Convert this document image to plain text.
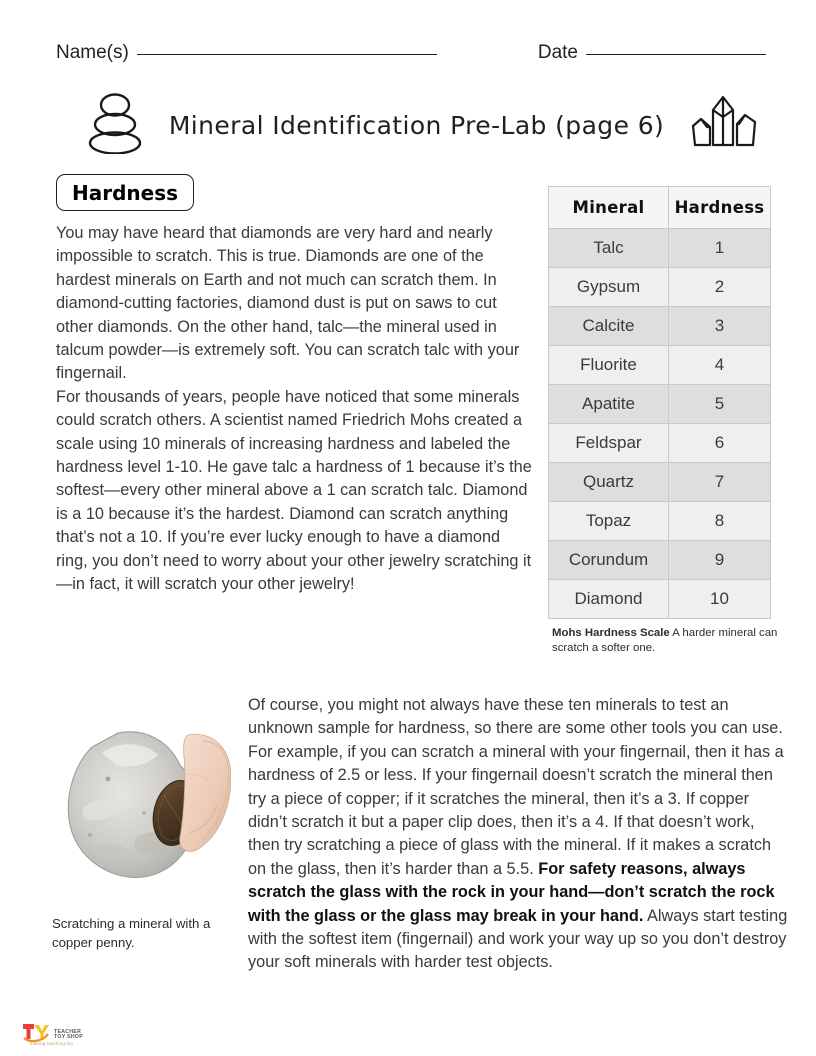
Name(s)	Date
Mineral Identification Pre-Lab (page 6)
Hardness

You may have heard that diamonds are very hard and nearly impossible to scratch. This is true. Diamonds are one of the hardest minerals on Earth and not much can scratch them. In diamond-cutting factories, diamond dust is put on saws to cut other diamonds. On the other hand, talc—the mineral used in talcum powder—is extremely soft. You can scratch talc with your fingernail.

For thousands of years, people have noticed that some minerals could scratch others. A scientist named Friedrich Mohs created a scale using 10 minerals of increasing hardness and labeled the hardness level 1-10. He gave talc a hardness of 1 because it’s the softest—every other mineral above a 1 can scratch talc. Diamond is a 10 because it’s the hardest. Diamond can scratch anything that’s not a 10. If you’re ever lucky enough to have a diamond ring, you don’t need to worry about your other jewelry scratching it—in fact, it will scratch your other jewelry!

Mineral	Hardness
Talc	1
Gypsum	2
Calcite	3
Fluorite	4
Apatite	5
Feldspar	6
Quartz	7
Topaz	8
Corundum	9
Diamond	10
Mohs Hardness Scale A harder mineral can scratch a softer one.
Scratching a mineral with a copper penny.

Of course, you might not always have these ten minerals to test an unknown sample for hardness, so there are some other tools you can use. For example, if you can scratch a mineral with your fingernail, then it has a hardness of 2.5 or less. If your fingernail doesn’t scratch the mineral then try a piece of copper; if it scratches the mineral, then it’s a 3. If copper didn’t scratch it but a paper clip does, then it’s a 4. If that doesn’t work, then try scratching a piece of glass with the mineral. If it makes a scratch on the glass, then it’s harder than a 5.5. For safety reasons, always scratch the glass with the rock in your hand—don’t scratch the rock with the glass or the glass may break in your hand. Always start testing with the softest item (fingernail) and work your way up so you don’t destroy your soft minerals with harder test objects.

TEACHER
TOY SHOP
making teaching fun
